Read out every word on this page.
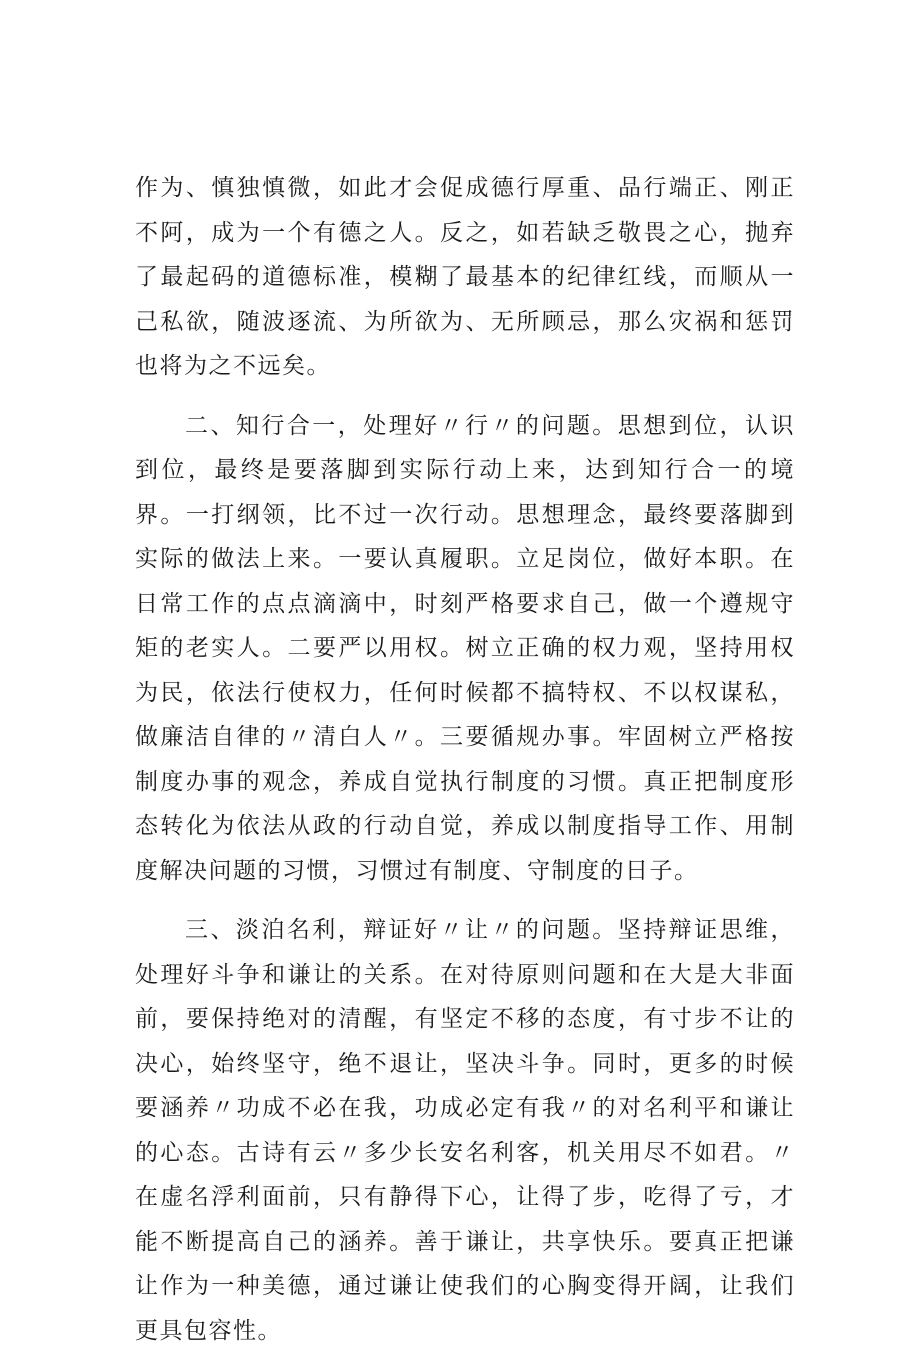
作为、慎独慎微，如此才会促成德行厚重、品行端正、刚正不阿，成为一个有德之人。反之，如若缺乏敬畏之心，抛弃了最起码的道德标准，模糊了最基本的纪律红线，而顺从一己私欲，随波逐流、为所欲为、无所顾忌，那么灾祸和惩罚也将为之不远矣。

二、知行合一，处理好〃行〃的问题。思想到位，认识到位，最终是要落脚到实际行动上来，达到知行合一的境界。一打纲领，比不过一次行动。思想理念，最终要落脚到实际的做法上来。一要认真履职。立足岗位，做好本职。在日常工作的点点滴滴中，时刻严格要求自己，做一个遵规守矩的老实人。二要严以用权。树立正确的权力观，坚持用权为民，依法行使权力，任何时候都不搞特权、不以权谋私，做廉洁自律的〃清白人〃。三要循规办事。牢固树立严格按制度办事的观念，养成自觉执行制度的习惯。真正把制度形态转化为依法从政的行动自觉，养成以制度指导工作、用制度解决问题的习惯，习惯过有制度、守制度的日子。

三、淡泊名利，辩证好〃让〃的问题。坚持辩证思维，处理好斗争和谦让的关系。在对待原则问题和在大是大非面前，要保持绝对的清醒，有坚定不移的态度，有寸步不让的决心，始终坚守，绝不退让，坚决斗争。同时，更多的时候要涵养〃功成不必在我，功成必定有我〃的对名利平和谦让的心态。古诗有云〃多少长安名利客，机关用尽不如君。〃在虚名浮利面前，只有静得下心，让得了步，吃得了亏，才能不断提高自己的涵养。善于谦让，共享快乐。要真正把谦让作为一种美德，通过谦让使我们的心胸变得开阔，让我们更具包容性。
